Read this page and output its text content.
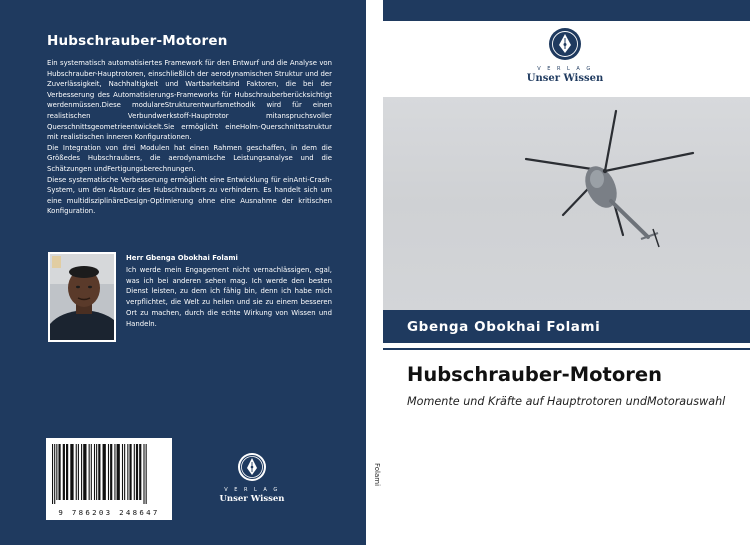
Hubschrauber-Motoren

Ein systematisch automatisiertes Framework für den Entwurf und die Analyse von Hubschrauber-Hauptrotoren, einschließlich der aerodynamischen Struktur und der Zuverlässigkeit, Nachhaltigkeit und Wartbarkeitsind Faktoren, die bei der Verbesserung des Automatisierungs-Frameworks für Hubschrauberberücksichtigt werdenmüssen.Diese modulareStrukturentwurfsmethodik wird für einen realistischen Verbundwerkstoff-Hauptrotor mitanspruchsvoller Querschnittsgeometrieentwickelt.Sie ermöglicht eineHolm-Querschnittsstruktur mit realistischen inneren Konfigurationen.

Die Integration von drei Modulen hat einen Rahmen geschaffen, in dem die Größedes Hubschraubers, die aerodynamische Leistungsanalyse und die Schätzungen undFertigungsberechnungen.

Diese systematische Verbesserung ermöglicht eine Entwicklung für einAnti-Crash-System, um den Absturz des Hubschraubers zu verhindern. Es handelt sich um eine multidisziplinäreDesign-Optimierung ohne eine Ausnahme der kritischen Konfiguration.

Herr Gbenga Obokhai Folami
Ich werde mein Engagement nicht vernachlässigen, egal, was ich bei anderen sehen mag. Ich werde den besten Dienst leisten, zu dem ich fähig bin, denn ich habe mich verpflichtet, die Welt zu heilen und sie zu einem besseren Ort zu machen, durch die echte Wirkung von Wissen und Handeln.
9 786203 248647
V E R L A G
Unser Wissen
Folami
V E R L A G
Unser Wissen
Gbenga Obokhai Folami
Hubschrauber-Motoren
Momente und Kräfte auf Hauptrotoren undMotorauswahl
